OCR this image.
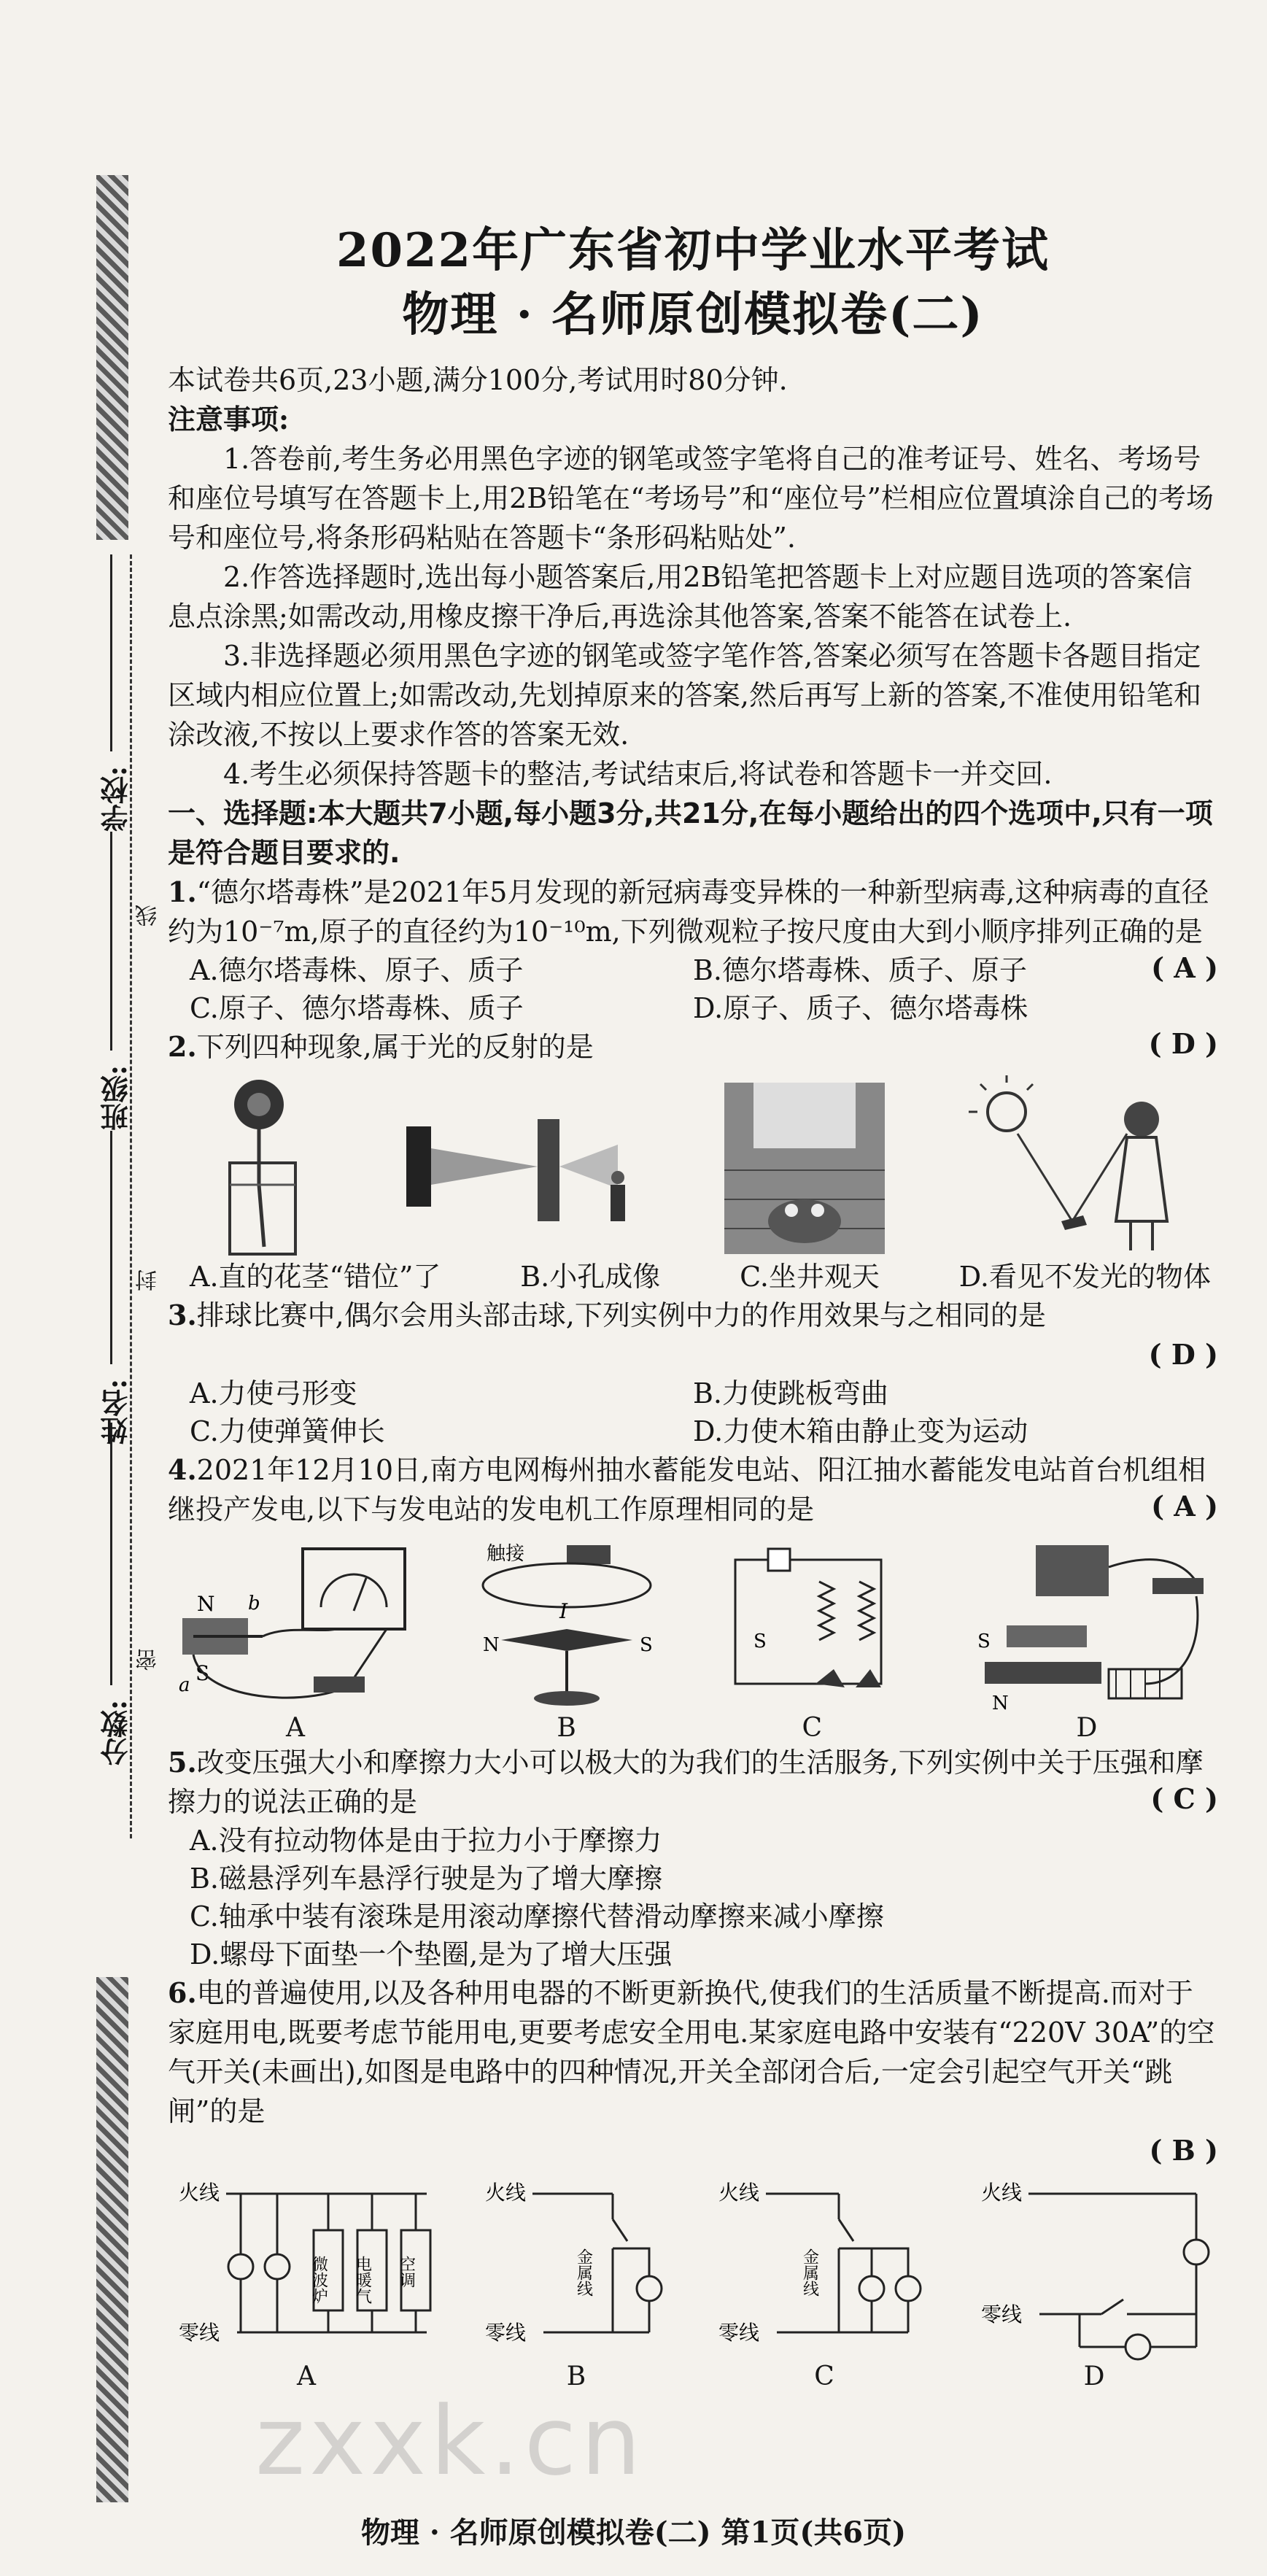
分数:
密
姓名:
封
班级:
线
学校:
2022年广东省初中学业水平考试
物理 · 名师原创模拟卷(二)

本试卷共6页,23小题,满分100分,考试用时80分钟.

注意事项:

1.答卷前,考生务必用黑色字迹的钢笔或签字笔将自己的准考证号、姓名、考场号和座位号填写在答题卡上,用2B铅笔在“考场号”和“座位号”栏相应位置填涂自己的考场号和座位号,将条形码粘贴在答题卡“条形码粘贴处”.

2.作答选择题时,选出每小题答案后,用2B铅笔把答题卡上对应题目选项的答案信息点涂黑;如需改动,用橡皮擦干净后,再选涂其他答案,答案不能答在试卷上.

3.非选择题必须用黑色字迹的钢笔或签字笔作答,答案必须写在答题卡各题目指定区域内相应位置上;如需改动,先划掉原来的答案,然后再写上新的答案,不准使用铅笔和涂改液,不按以上要求作答的答案无效.

4.考生必须保持答题卡的整洁,考试结束后,将试卷和答题卡一并交回.

一、选择题:本大题共7小题,每小题3分,共21分,在每小题给出的四个选项中,只有一项是符合题目要求的.

1.“德尔塔毒株”是2021年5月发现的新冠病毒变异株的一种新型病毒,这种病毒的直径约为10⁻⁷m,原子的直径约为10⁻¹⁰m,下列微观粒子按尺度由大到小顺序排列正确的是

( A )
A.德尔塔毒株、原子、质子	B.德尔塔毒株、质子、原子
C.原子、德尔塔毒株、质子	D.原子、质子、德尔塔毒株

2.下列四种现象,属于光的反射的是	( D )
A.直的花茎“错位”了	B.小孔成像	C.坐井观天	D.看见不发光的物体

3.排球比赛中,偶尔会用头部击球,下列实例中力的作用效果与之相同的是

( D )
A.力使弓形变	B.力使跳板弯曲
C.力使弹簧伸长	D.力使木箱由静止变为运动

4.2021年12月10日,南方电网梅州抽水蓄能发电站、阳江抽水蓄能发电站首台机组相继投产发电,以下与发电站的发电机工作原理相同的是	( A )
N
S
a
b
A
触接
I
N	S
B
S
C
S
N
D

5.改变压强大小和摩擦力大小可以极大的为我们的生活服务,下列实例中关于压强和摩擦力的说法正确的是	( C )
A.没有拉动物体是由于拉力小于摩擦力
B.磁悬浮列车悬浮行驶是为了增大摩擦
C.轴承中装有滚珠是用滚动摩擦代替滑动摩擦来减小摩擦
D.螺母下面垫一个垫圈,是为了增大压强

6.电的普遍使用,以及各种用电器的不断更新换代,使我们的生活质量不断提高.而对于家庭用电,既要考虑节能用电,更要考虑安全用电.某家庭电路中安装有“220V 30A”的空气开关(未画出),如图是电路中的四种情况,开关全部闭合后,一定会引起空气开关“跳闸”的是

( B )
火线
零线
微波炉 电暖气 空调
A
火线
零线
金属线
B
火线
零线
金属线
C
火线
零线
D
zxxk.cn
物理 · 名师原创模拟卷(二) 第1页(共6页)
